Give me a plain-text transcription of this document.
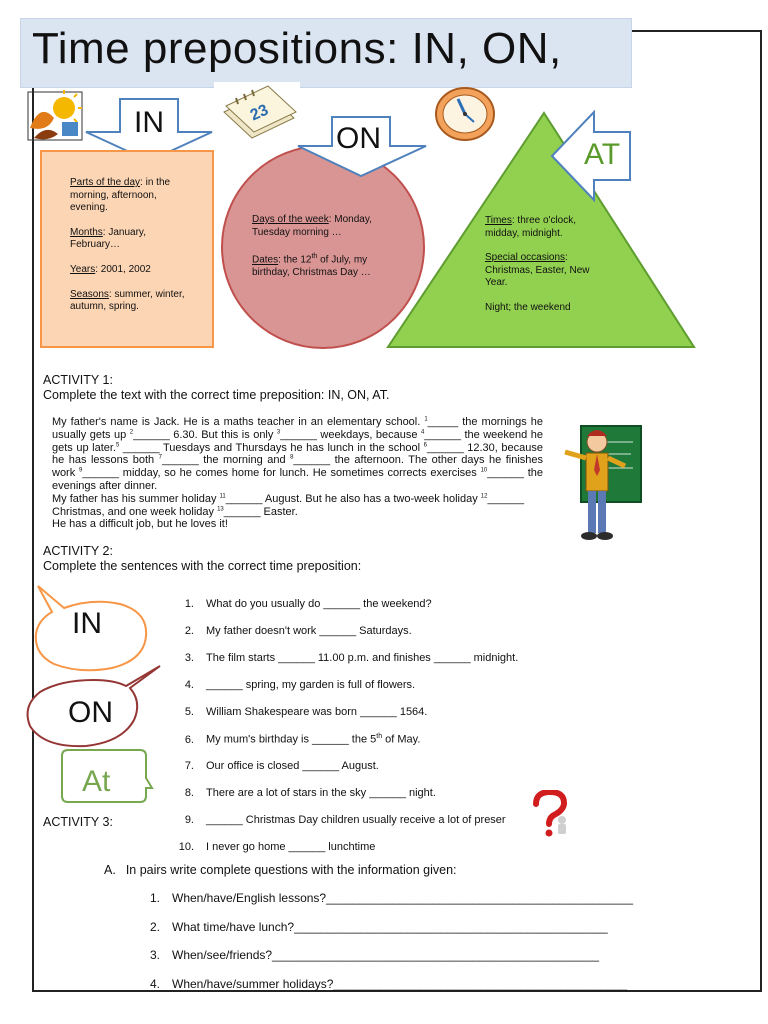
Time prepositions: IN, ON,
IN
Parts of the day: in the morning, afternoon, evening.
Months: January, February…
Years: 2001, 2002
Seasons: summer, winter, autumn, spring.
23
ON
Days of the week: Monday, Tuesday morning …
Dates: the 12th of July, my birthday, Christmas Day …
AT
Times: three o'clock, midday, midnight.
Special occasions: Christmas, Easter, New Year.
Night; the weekend
ACTIVITY 1:
Complete the text with the correct time preposition: IN, ON, AT.
My father's name is Jack. He is a maths teacher in an elementary school. $^1$_____ the mornings he usually gets up $^2$______ 6.30. But this is only $^3$______ weekdays, because $^4$______ the weekend he gets up later.$^5$ ______ Tuesdays and Thursdays he has lunch in the school $^6$______ 12.30, because he has lessons both $^7$______ the morning and $^8$______ the afternoon. The other days he finishes work $^9$______ midday, so he comes home for lunch. He sometimes corrects exercises $^{10}$______ the evenings after dinner.
My father has his summer holiday $^{11}$______ August. But he also has a two-week holiday $^{12}$______ Christmas, and one week holiday $^{13}$______ Easter.
He has a difficult job, but he loves it!
ACTIVITY 2:
Complete the sentences with the correct time preposition:
IN
ON
At
1. What do you usually do ______ the weekend?
2. My father doesn't work ______ Saturdays.
3. The film starts ______ 11.00 p.m. and finishes ______ midnight.
4. ______ spring, my garden is full of flowers.
5. William Shakespeare was born ______ 1564.
6. My mum's birthday is ______ the 5th of May.
7. Our office is closed ______ August.
8. There are a lot of stars in the sky ______ night.
9. ______ Christmas Day children usually receive a lot of preser
10. I never go home ______ lunchtime
ACTIVITY 3:
A. In pairs write complete questions with the information given:
1. When/have/English lessons?______________________________________________
2. What time/have lunch?_______________________________________________
3. When/see/friends?_________________________________________________
4. When/have/summer holidays?____________________________________________
